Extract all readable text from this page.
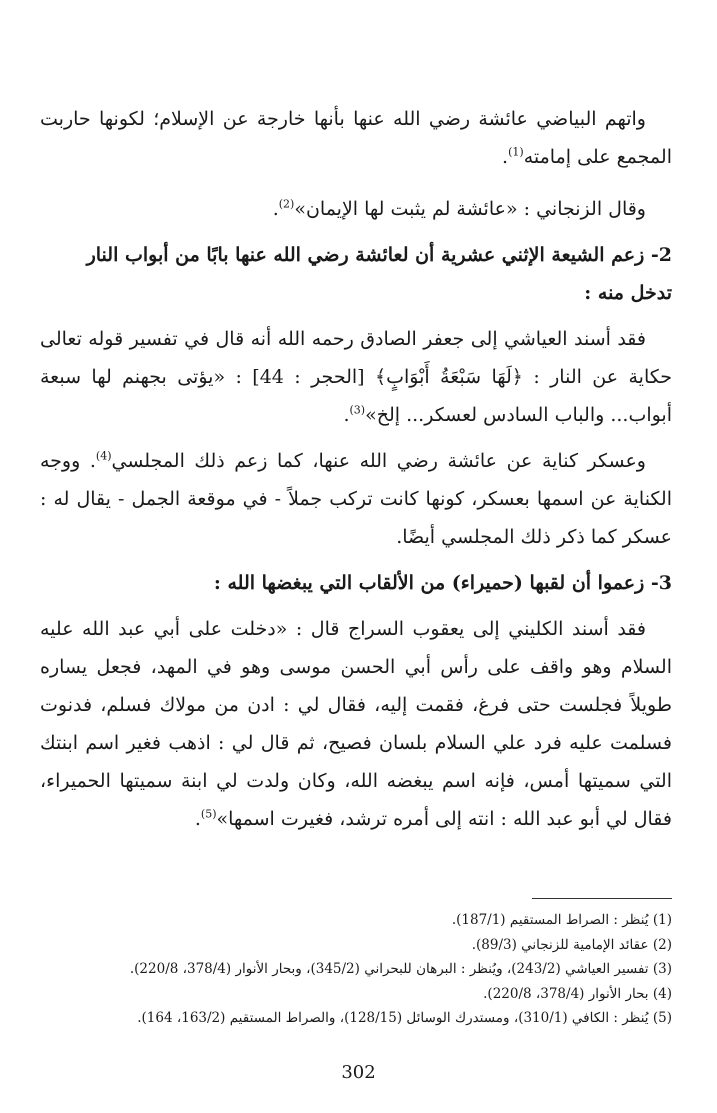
واتهم البياضي عائشة رضي الله عنها بأنها خارجة عن الإسلام؛ لكونها حاربت المجمع على إمامته$^{(1)}$.

وقال الزنجاني : «عائشة لم يثبت لها الإيمان»$^{(2)}$.

2- زعم الشيعة الإثني عشرية أن لعائشة رضي الله عنها بابًا من أبواب النار تدخل منه :

فقد أسند العياشي إلى جعفر الصادق رحمه الله أنه قال في تفسير قوله تعالى حكاية عن النار : ﴿لَهَا سَبْعَةُ أَبْوَابٍ﴾ [الحجر : 44] : «يؤتى بجهنم لها سبعة أبواب... والباب السادس لعسكر... إلخ»$^{(3)}$.

وعسكر كناية عن عائشة رضي الله عنها، كما زعم ذلك المجلسي$^{(4)}$. ووجه الكناية عن اسمها بعسكر، كونها كانت تركب جملاً - في موقعة الجمل - يقال له : عسكر كما ذكر ذلك المجلسي أيضًا.

3- زعموا أن لقبها (حميراء) من الألقاب التي يبغضها الله :

فقد أسند الكليني إلى يعقوب السراج قال : «دخلت على أبي عبد الله عليه السلام وهو واقف على رأس أبي الحسن موسى وهو في المهد، فجعل يساره طويلاً فجلست حتى فرغ، فقمت إليه، فقال لي : ادن من مولاك فسلم، فدنوت فسلمت عليه فرد علي السلام بلسان فصيح، ثم قال لي : اذهب فغير اسم ابنتك التي سميتها أمس، فإنه اسم يبغضه الله، وكان ولدت لي ابنة سميتها الحميراء، فقال لي أبو عبد الله : انته إلى أمره ترشد، فغيرت اسمها»$^{(5)}$.

(1) يُنظر : الصراط المستقيم (187/1).
(2) عقائد الإمامية للزنجاني (89/3).
(3) تفسير العياشي (243/2)، ويُنظر : البرهان للبحراني (345/2)، وبحار الأنوار (378/4، 220/8).
(4) بحار الأنوار (378/4، 220/8).
(5) يُنظر : الكافي (310/1)، ومستدرك الوسائل (128/15)، والصراط المستقيم (163/2، 164).
302
